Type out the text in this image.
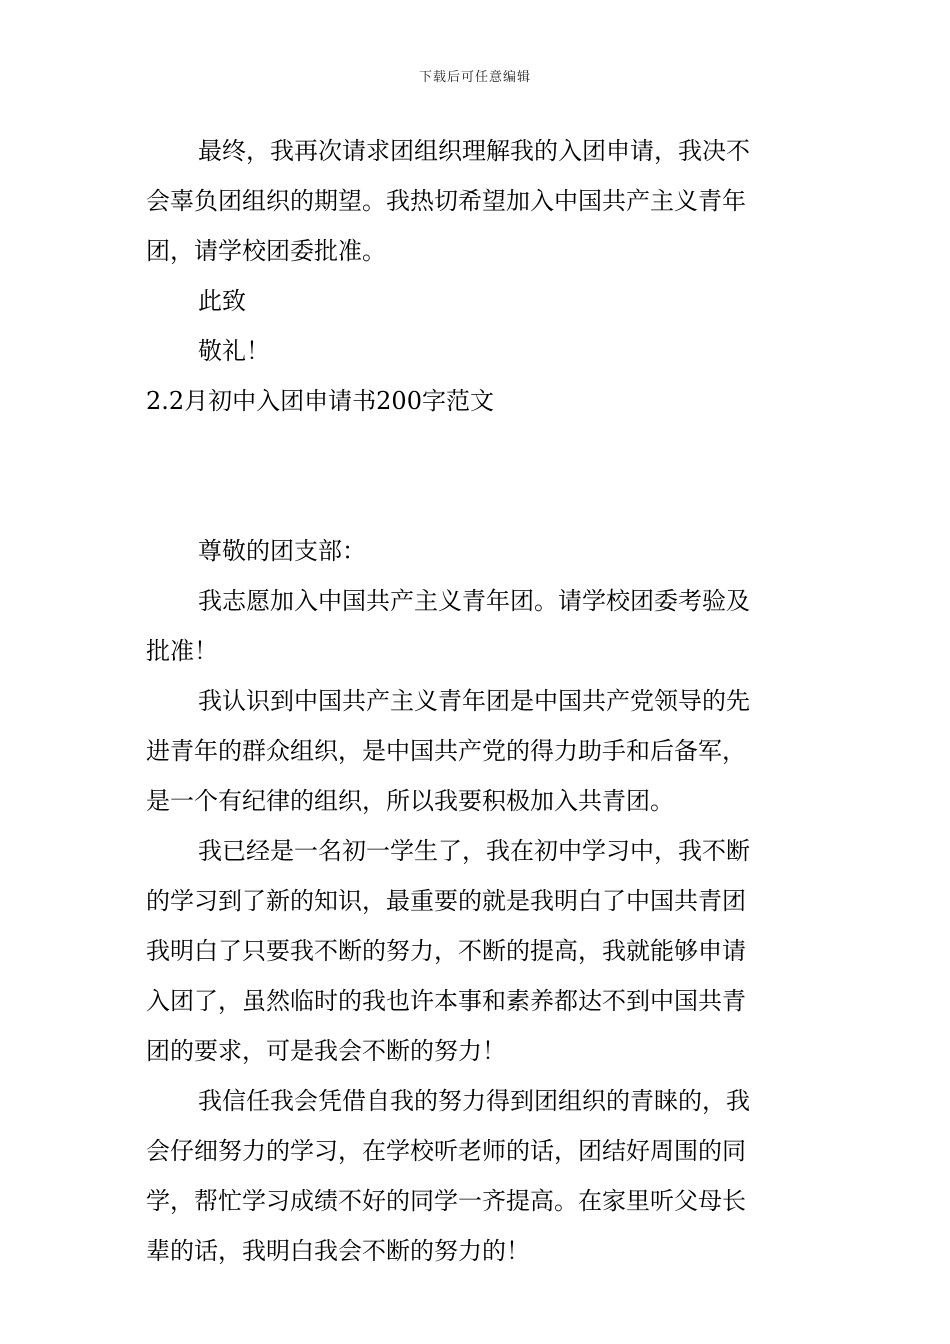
下载后可任意编辑

最终，我再次请求团组织理解我的入团申请，我决不

会辜负团组织的期望。我热切希望加入中国共产主义青年

团，请学校团委批准。

此致

敬礼！

2.2月初中入团申请书200字范文

尊敬的团支部：

我志愿加入中国共产主义青年团。请学校团委考验及

批准！

我认识到中国共产主义青年团是中国共产党领导的先

进青年的群众组织，是中国共产党的得力助手和后备军，

是一个有纪律的组织，所以我要积极加入共青团。

我已经是一名初一学生了，我在初中学习中，我不断

的学习到了新的知识，最重要的就是我明白了中国共青团

我明白了只要我不断的努力，不断的提高，我就能够申请

入团了，虽然临时的我也许本事和素养都达不到中国共青

团的要求，可是我会不断的努力！

我信任我会凭借自我的努力得到团组织的青睐的，我

会仔细努力的学习，在学校听老师的话，团结好周围的同

学，帮忙学习成绩不好的同学一齐提高。在家里听父母长

辈的话，我明白我会不断的努力的！
